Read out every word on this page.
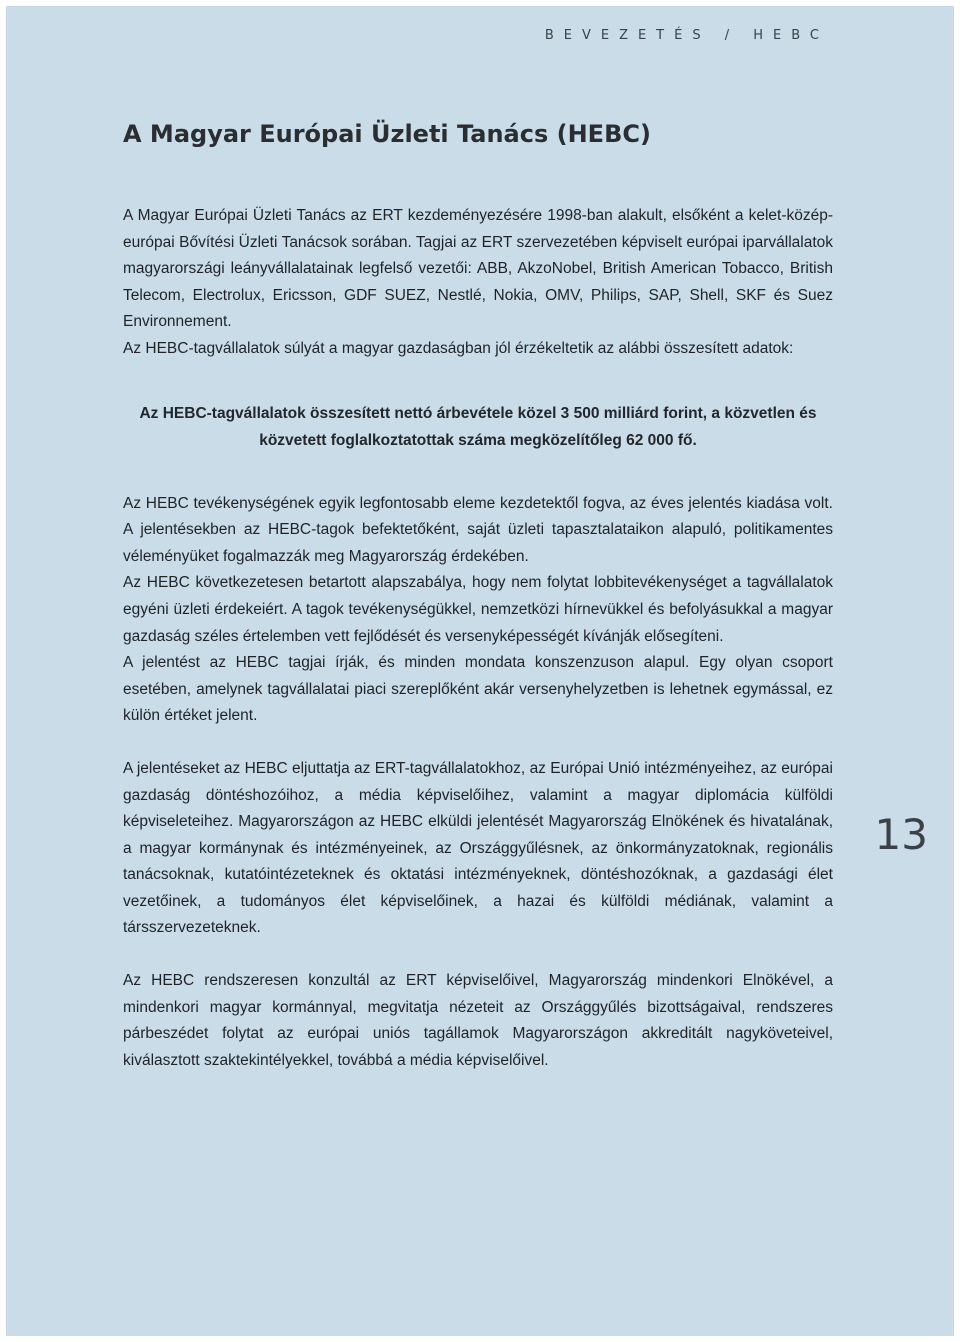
BEVEZETÉS / HEBC
A Magyar Európai Üzleti Tanács (HEBC)

A Magyar Európai Üzleti Tanács az ERT kezdeményezésére 1998-ban alakult, elsőként a kelet-közép-európai Bővítési Üzleti Tanácsok sorában. Tagjai az ERT szervezetében képviselt európai iparvállalatok magyarországi leányvállalatainak legfelső vezetői: ABB, AkzoNobel, British American Tobacco, British Telecom, Electrolux, Ericsson, GDF SUEZ, Nestlé, Nokia, OMV, Philips, SAP, Shell, SKF és Suez Environnement.

Az HEBC-tagvállalatok súlyát a magyar gazdaságban jól érzékeltetik az alábbi összesített adatok:

Az HEBC-tagvállalatok összesített nettó árbevétele közel 3 500 milliárd forint, a közvetlen és közvetett foglalkoztatottak száma megközelítőleg 62 000 fő.

Az HEBC tevékenységének egyik legfontosabb eleme kezdetektől fogva, az éves jelentés kiadása volt. A jelentésekben az HEBC-tagok befektetőként, saját üzleti tapasztalataikon alapuló, politikamentes véleményüket fogalmazzák meg Magyarország érdekében.

Az HEBC következetesen betartott alapszabálya, hogy nem folytat lobbitevékenységet a tagvállalatok egyéni üzleti érdekeiért. A tagok tevékenységükkel, nemzetközi hírnevükkel és befolyásukkal a magyar gazdaság széles értelemben vett fejlődését és versenyképességét kívánják elősegíteni.

A jelentést az HEBC tagjai írják, és minden mondata konszenzuson alapul. Egy olyan csoport esetében, amelynek tagvállalatai piaci szereplőként akár versenyhelyzetben is lehetnek egymással, ez külön értéket jelent.

A jelentéseket az HEBC eljuttatja az ERT-tagvállalatokhoz, az Európai Unió intézményeihez, az európai gazdaság döntéshozóihoz, a média képviselőihez, valamint a magyar diplomácia külföldi képviseleteihez. Magyarországon az HEBC elküldi jelentését Magyarország Elnökének és hivatalának, a magyar kormánynak és intézményeinek, az Országgyűlésnek, az önkormányzatoknak, regionális tanácsoknak, kutatóintézeteknek és oktatási intézményeknek, döntéshozóknak, a gazdasági élet vezetőinek, a tudományos élet képviselőinek, a hazai és külföldi médiának, valamint a társszervezeteknek.

Az HEBC rendszeresen konzultál az ERT képviselőivel, Magyarország mindenkori Elnökével, a mindenkori magyar kormánnyal, megvitatja nézeteit az Országgyűlés bizottságaival, rendszeres párbeszédet folytat az európai uniós tagállamok Magyarországon akkreditált nagyköveteivel, kiválasztott szaktekintélyekkel, továbbá a média képviselőivel.

13
